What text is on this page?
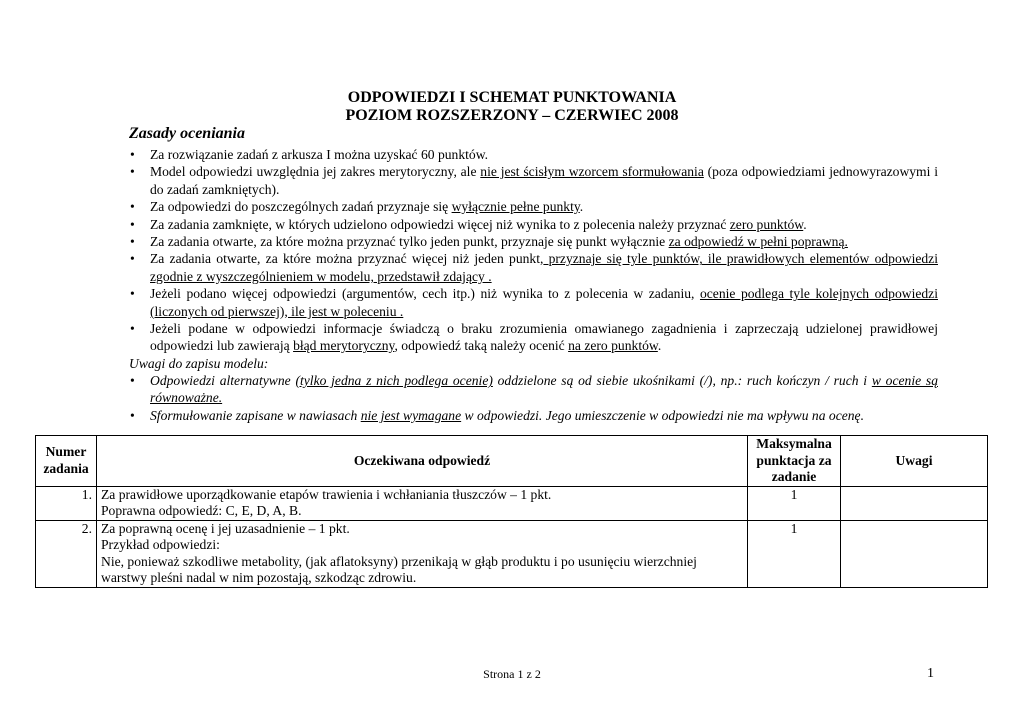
ODPOWIEDZI I SCHEMAT PUNKTOWANIA
POZIOM ROZSZERZONY – CZERWIEC 2008
Zasady oceniania
• Za rozwiązanie zadań z arkusza I można uzyskać 60 punktów.
• Model odpowiedzi uwzględnia jej zakres merytoryczny, ale nie jest ścisłym wzorcem sformułowania (poza odpowiedziami jednowyrazowymi i do zadań zamkniętych).
• Za odpowiedzi do poszczególnych zadań przyznaje się wyłącznie pełne punkty.
• Za zadania zamknięte, w których udzielono odpowiedzi więcej niż wynika to z polecenia należy przyznać zero punktów.
• Za zadania otwarte, za które można przyznać tylko jeden punkt, przyznaje się punkt wyłącznie za odpowiedź w pełni poprawną.
• Za zadania otwarte, za które można przyznać więcej niż jeden punkt, przyznaje się tyle punktów, ile prawidłowych elementów odpowiedzi zgodnie z wyszczególnieniem w modelu, przedstawił zdający .
• Jeżeli podano więcej odpowiedzi (argumentów, cech itp.) niż wynika to z polecenia w zadaniu, ocenie podlega tyle kolejnych odpowiedzi (liczonych od pierwszej), ile jest w poleceniu .
• Jeżeli podane w odpowiedzi informacje świadczą o braku zrozumienia omawianego zagadnienia i zaprzeczają udzielonej prawidłowej odpowiedzi lub zawierają błąd merytoryczny, odpowiedź taką należy ocenić na zero punktów.
Uwagi do zapisu modelu:
• Odpowiedzi alternatywne (tylko jedna z nich podlega ocenie) oddzielone są od siebie ukośnikami (/), np.: ruch kończyn / ruch i w ocenie są równoważne.
• Sformułowanie zapisane w nawiasach nie jest wymagane w odpowiedzi. Jego umieszczenie w odpowiedzi nie ma wpływu na ocenę.
Numer zadania	Oczekiwana odpowiedź	Maksymalna punktacja za zadanie	Uwagi
1.	Za prawidłowe uporządkowanie etapów trawienia i wchłaniania tłuszczów – 1 pkt.
Poprawna odpowiedź: C, E, D, A, B.	1	
2.	Za poprawną ocenę i jej uzasadnienie – 1 pkt.
Przykład odpowiedzi:
Nie, ponieważ szkodliwe metabolity, (jak aflatoksyny) przenikają w głąb produktu i po usunięciu wierzchniej warstwy pleśni nadal w nim pozostają, szkodząc zdrowiu.	1	
Strona 1 z 2	1
